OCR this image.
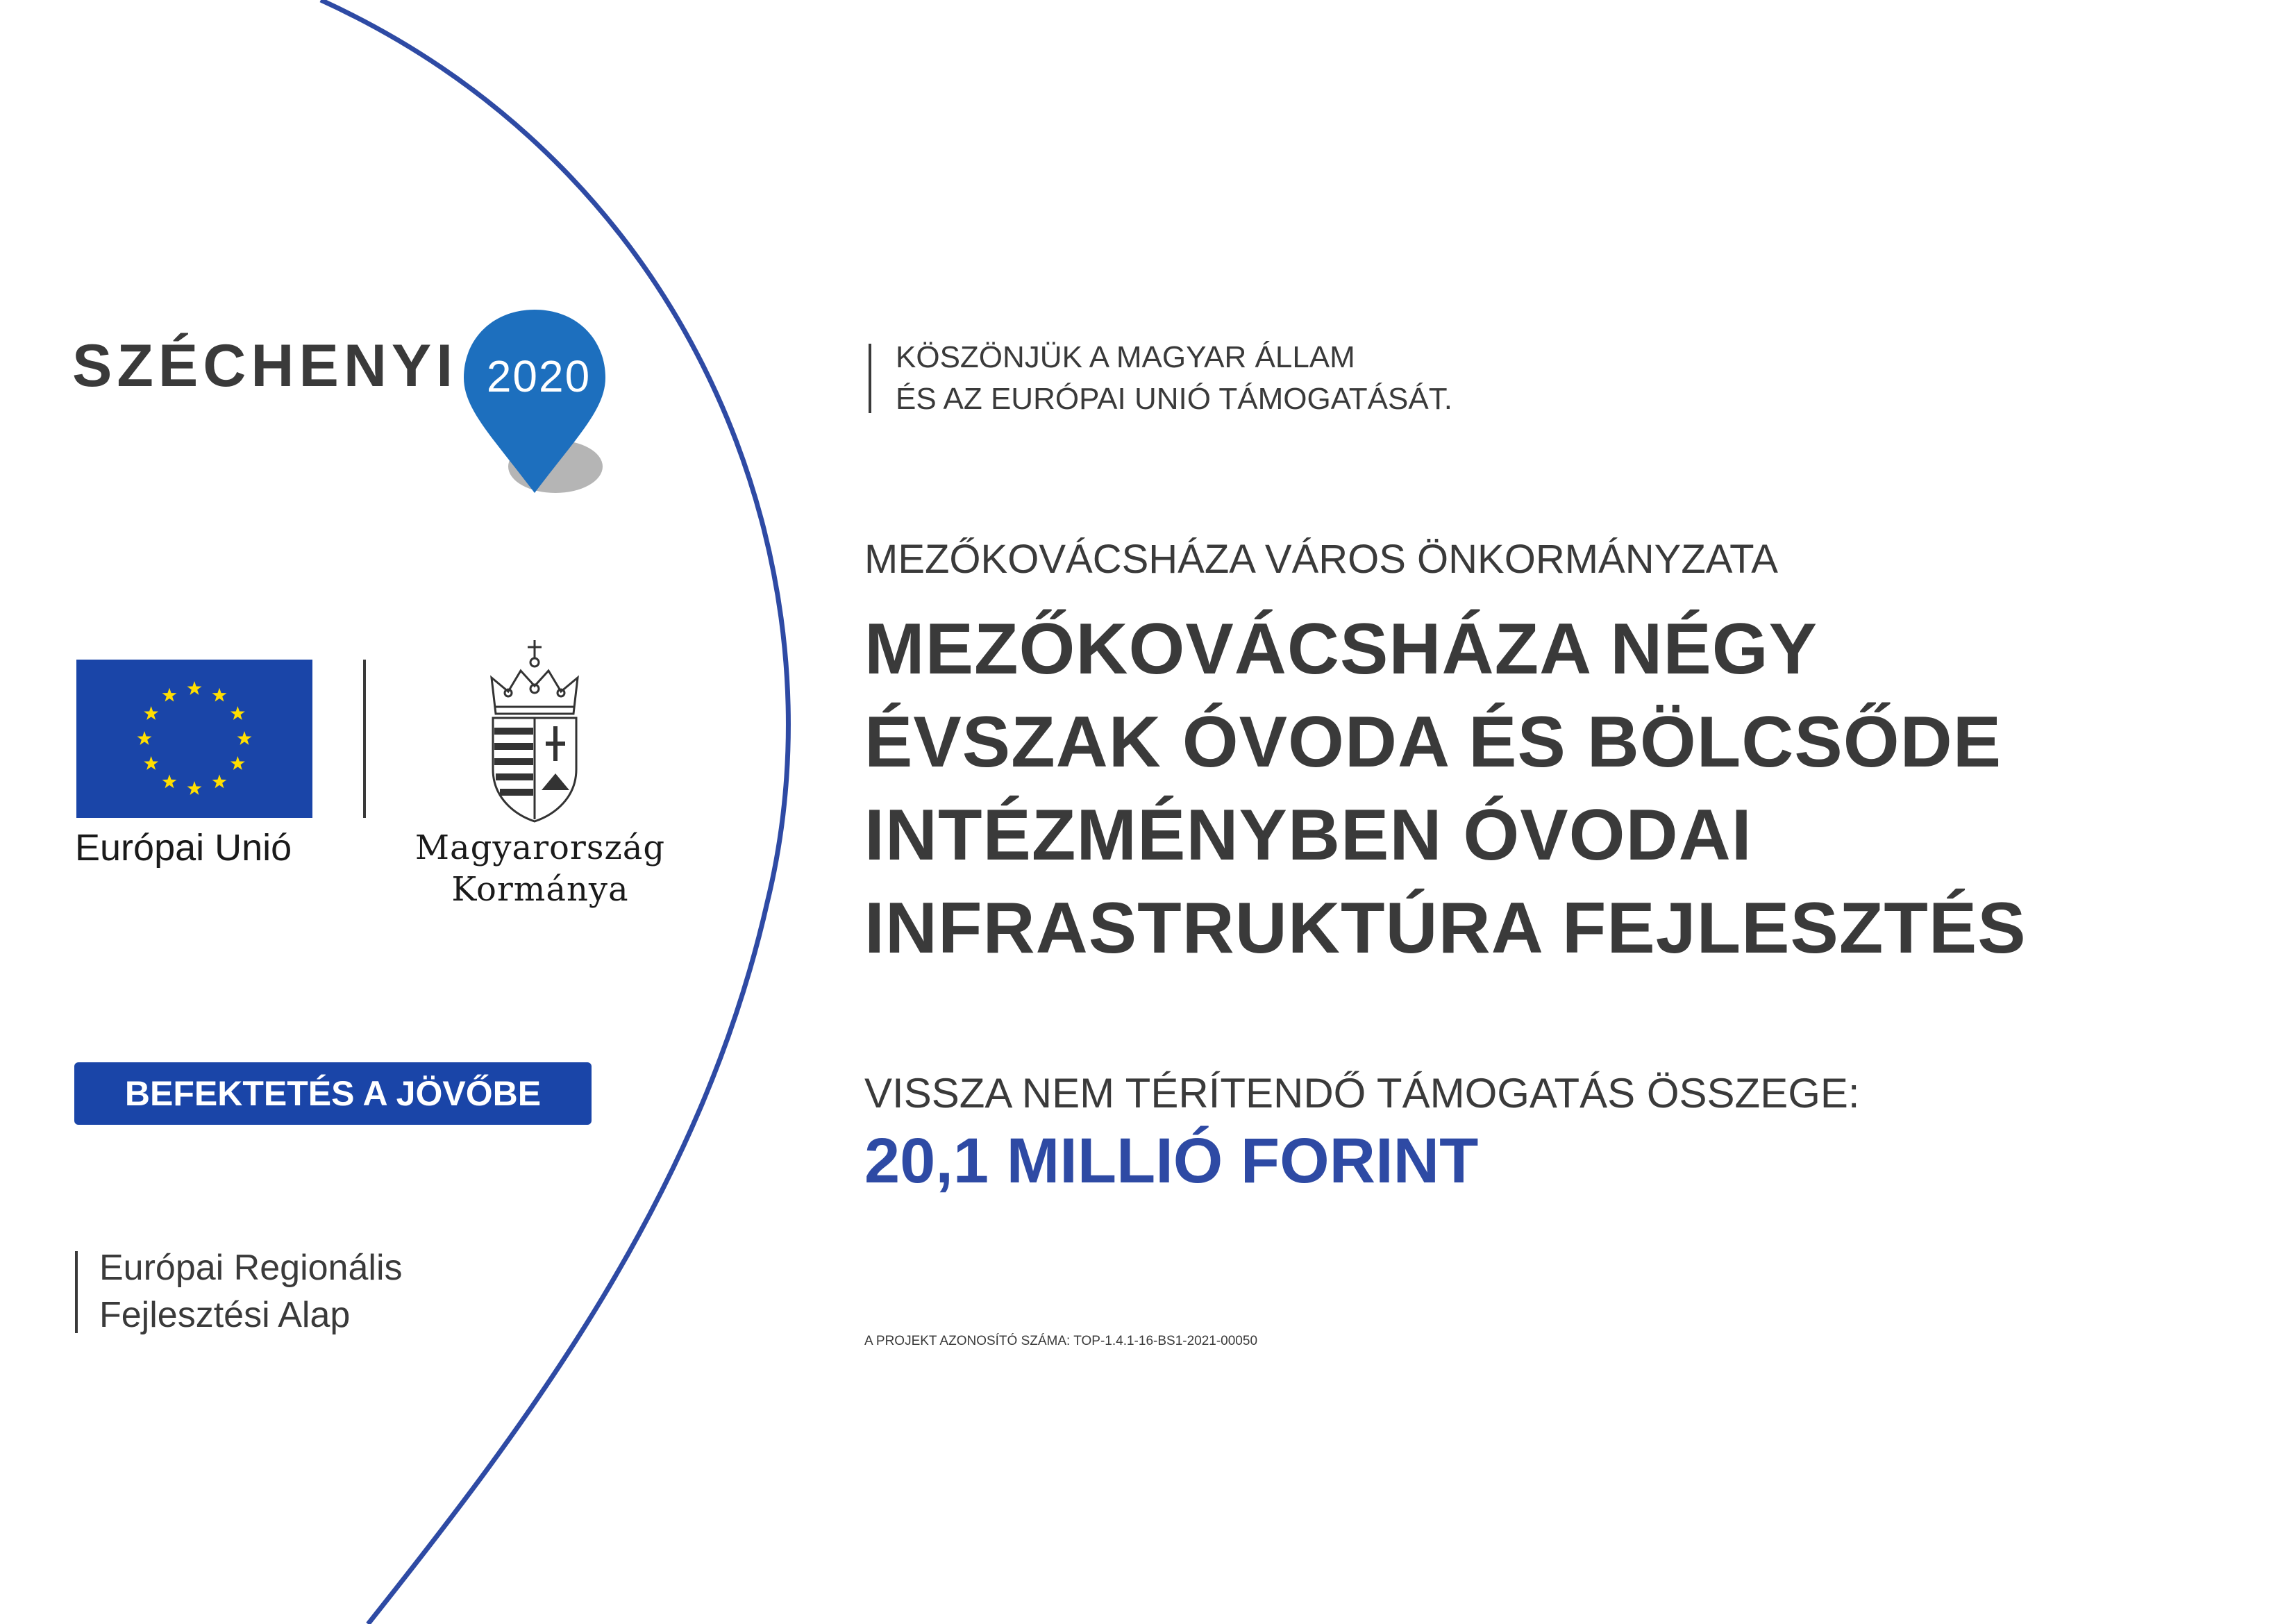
SZÉCHENYI 2020
Európai Unió	Magyarország
Kormánya
BEFEKTETÉS A JÖVŐBE
Európai Regionális
Fejlesztési Alap
KÖSZÖNJÜK A MAGYAR ÁLLAM
ÉS AZ EURÓPAI UNIÓ TÁMOGATÁSÁT.
MEZŐKOVÁCSHÁZA VÁROS ÖNKORMÁNYZATA
MEZŐKOVÁCSHÁZA NÉGY
ÉVSZAK ÓVODA ÉS BÖLCSŐDE
INTÉZMÉNYBEN ÓVODAI
INFRASTRUKTÚRA FEJLESZTÉS
VISSZA NEM TÉRÍTENDŐ TÁMOGATÁS ÖSSZEGE:
20,1 MILLIÓ FORINT
A PROJEKT AZONOSÍTÓ SZÁMA: TOP-1.4.1-16-BS1-2021-00050
